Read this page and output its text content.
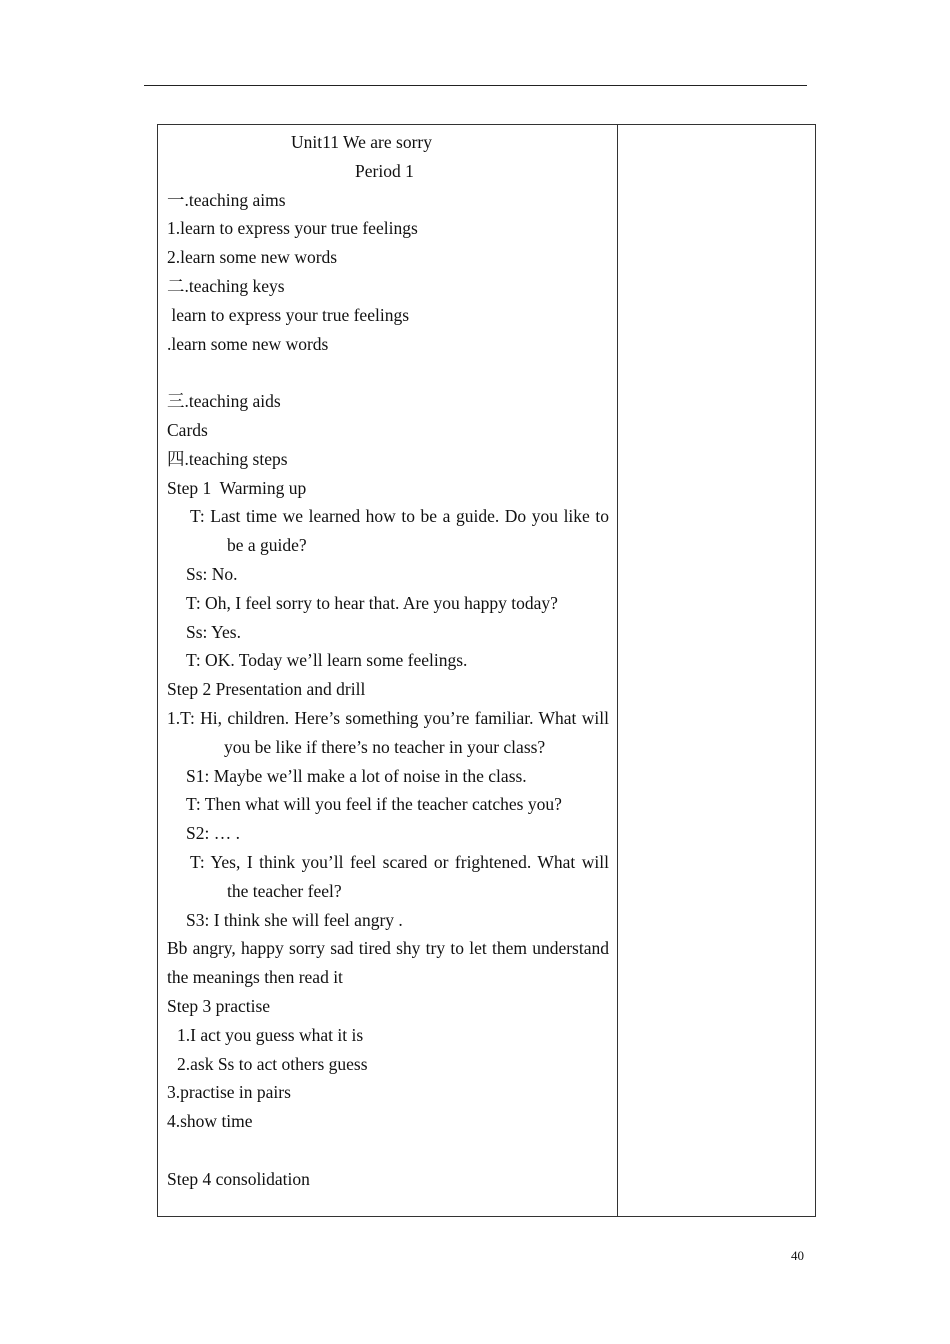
Unit11 We are sorry
Period 1
一.teaching aims
1.learn to express your true feelings
2.learn some new words
二.teaching keys
learn to express your true feelings
.learn some new words
三.teaching aids
Cards
四.teaching steps
Step 1  Warming up
T: Last time we learned how to be a guide. Do you like to be a guide?
Ss: No.
T: Oh, I feel sorry to hear that. Are you happy today?
Ss: Yes.
T: OK. Today we’ll learn some feelings.
Step 2 Presentation and drill
1.T: Hi, children. Here’s something you’re familiar. What will you be like if there’s no teacher in your class?
S1: Maybe we’ll make a lot of noise in the class.
T: Then what will you feel if the teacher catches you?
S2: … .
T: Yes, I think you’ll feel scared or frightened. What will the teacher feel?
S3: I think she will feel angry .
Bb angry, happy sorry sad tired shy try to let them understand the meanings then read it
Step 3 practise
1.I act you guess what it is
2.ask Ss to act others guess
3.practise in pairs
4.show time
Step 4 consolidation
40
